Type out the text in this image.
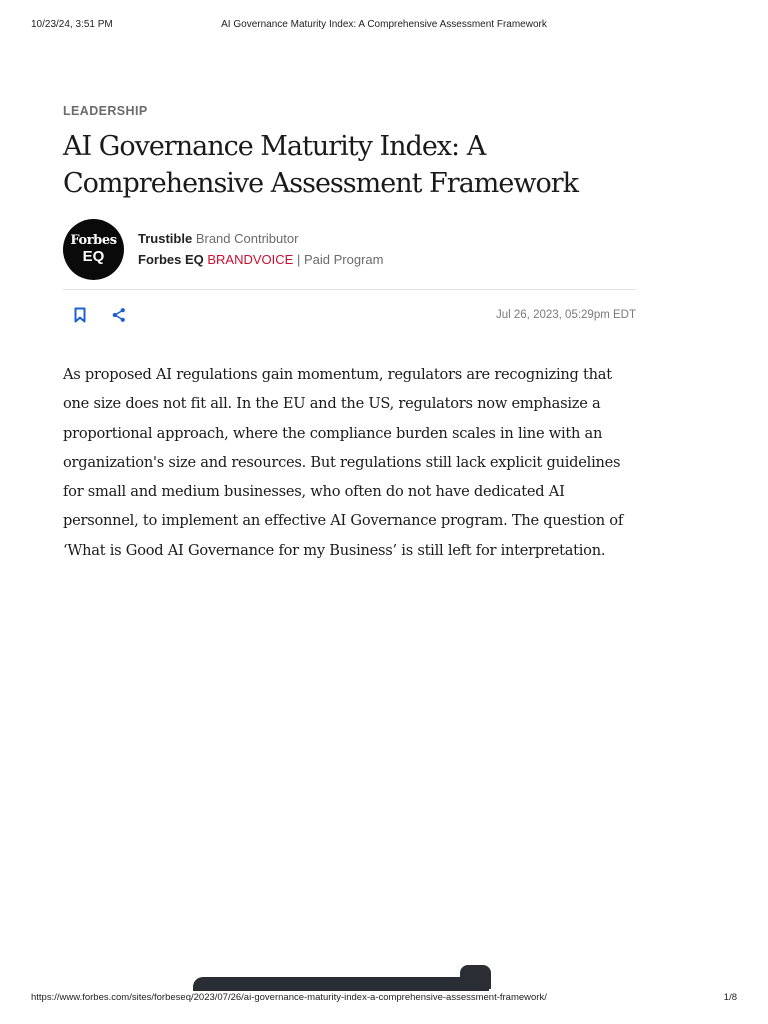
10/23/24, 3:51 PM	AI Governance Maturity Index: A Comprehensive Assessment Framework
LEADERSHIP
AI Governance Maturity Index: A Comprehensive Assessment Framework
Forbes
EQ
Trustible Brand Contributor
Forbes EQ BRANDVOICE | Paid Program
Jul 26, 2023, 05:29pm EDT

As proposed AI regulations gain momentum, regulators are recognizing that one size does not fit all. In the EU and the US, regulators now emphasize a proportional approach, where the compliance burden scales in line with an organization's size and resources. But regulations still lack explicit guidelines for small and medium businesses, who often do not have dedicated AI personnel, to implement an effective AI Governance program. The question of ‘What is Good AI Governance for my Business’ is still left for interpretation.

https://www.forbes.com/sites/forbeseq/2023/07/26/ai-governance-maturity-index-a-comprehensive-assessment-framework/	1/8
